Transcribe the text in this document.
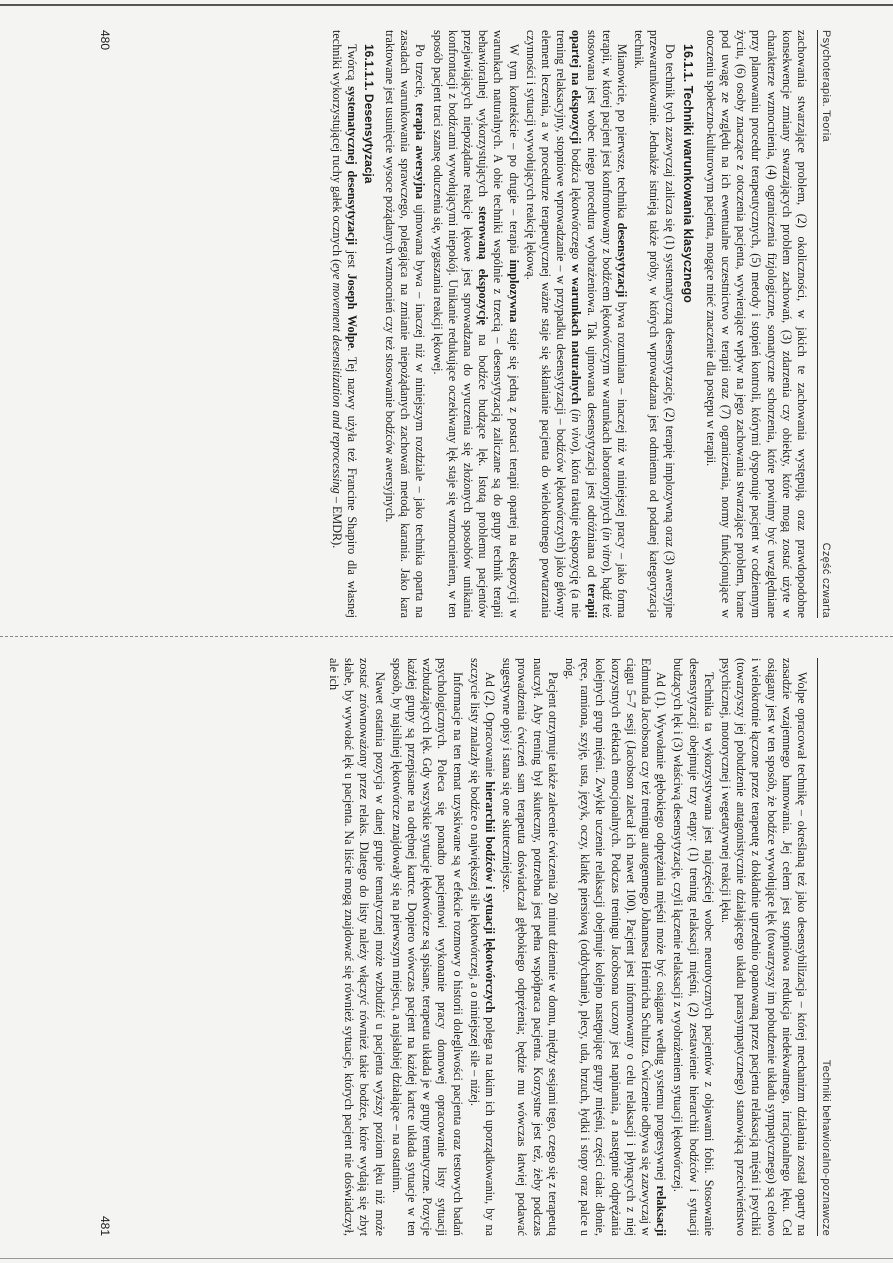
Psychoterapia. Teoria
Część czwarta

zachowania stwarzające problem, (2) okoliczności, w jakich te zachowania występują, oraz prawdopodobne konsekwencje zmiany stwarzających problem zachowań, (3) zdarzenia czy obiekty, które mogą zostać użyte w charakterze wzmocnienia, (4) ograniczenia fizjologiczne, somatyczne schorzenia, które powinny być uwzględniane przy planowaniu procedur terapeutycznych, (5) metody i stopień kontroli, którymi dysponuje pacjent w codziennym życiu, (6) osoby znaczące z otoczenia pacjenta, wywierające wpływ na jego zachowania stwarzające problem, brane pod uwagę ze względu na ich ewentualne uczestnictwo w terapii oraz (7) ograniczenia, normy funkcjonujące w otoczeniu społeczno-kulturowym pacjenta, mogące mieć znaczenie dla postępu w terapii.

16.1.1. Techniki warunkowania klasycznego

Do technik tych zazwyczaj zalicza się (1) systematyczną desensytyzację, (2) terapię implozywną oraz (3) awersyjne przewarunkowanie. Jednakże istnieją także próby, w których wprowadzana jest odmienna od podanej kategoryzacja technik.

Mianowicie, po pierwsze, technika desensytyzacji bywa rozumiana – inaczej niż w niniejszej pracy – jako forma terapii, w której pacjent jest konfrontowany z bodźcem lękotwórczym w warunkach laboratoryjnych (in vitro), bądź też stosowana jest wobec niego procedura wyobrażeniowa. Tak ujmowana desensytyzacja jest odróżniana od terapii opartej na ekspozycji bodźca lękotwórczego w warunkach naturalnych (in vivo), która traktuje ekspozycję (a nie trening relaksacyjny, stopniowe wprowadzanie – w przypadku desensytyzacji – bodźców lękotwórczych) jako główny element leczenia, a w procedurze terapeutycznej ważne staje się skłanianie pacjenta do wielokrotnego powtarzania czynności i sytuacji wywołujących reakcję lękową.

W tym kontekście – po drugie – terapia implozywna staje się jedną z postaci terapii opartej na ekspozycji w warunkach naturalnych. A obie techniki wspólnie z trzecią – desensytyzacją zaliczane są do grupy technik terapii behawioralnej wykorzystujących sterowaną ekspozycję na bodźce budzące lęk. Istotą problemu pacjentów przejawiających niepożądane reakcje lękowe jest sprowadzana do wyuczenia się złożonych sposobów unikania konfrontacji z bodźcami wywołującymi niepokój. Unikanie redukujące oczekiwany lęk staje się wzmocnieniem, w ten sposób pacjent traci szansę oduczenia się, wygaszania reakcji lękowej.

Po trzecie, terapia awersyjna ujmowana bywa – inaczej niż w niniejszym rozdziale – jako technika oparta na zasadach warunkowania sprawczego, polegająca na zmianie niepożądanych zachowań metodą karania. Jako kara traktowane jest usunięcie wysoce pożądanych wzmocnień czy też stosowanie bodźców awersyjnych.

16.1.1.1. Desensytyzacja

Twórcą systematycznej desensytyzacji jest Joseph Wolpe. Tej nazwy użyła też Francine Shapiro dla własnej techniki wykorzystującej ruchy gałek ocznych (eye movement desensitization and reprocessing – EMDR).

480
Techniki behawioralno-poznawcze

Wolpe opracował technikę – określaną też jako desensybilizacja – której mechanizm działania został oparty na zasadzie wzajemnego hamowania. Jej celem jest stopniowa redukcja niedekwatnego, irracjonalnego lęku. Cel osiągany jest w ten sposób, że bodźce wywołujące lęk (towarzyszy im pobudzenie układu sympatycznego) są celowo i wielokrotnie łączone przez terapeutę z dokładnie uprzednio opanowaną przez pacjenta relaksacją mięśni i psychiki (towarzyszy jej pobudzenie antagonistycznie działającego układu parasympatycznego) stanowiącą przeciwieństwo psychicznej, motorycznej i wegetatywnej reakcji lęku.

Technika ta wykorzystywana jest najczęściej wobec neurotycznych pacjentów z objawami fobii. Stosowanie desensytyzacji obejmuje trzy etapy: (1) trening relaksacji mięśni, (2) zestawienie hierarchii bodźców i sytuacji budzących lęk i (3) właściwą desensytyzację, czyli łączenie relaksacji z wyobrażeniem sytuacji lękotwórczej.

Ad (1). Wywołanie głębokiego odprężania mięśni może być osiągane według systemu progresywnej relaksacji Edmunda Jacobsona czy też treningu autogennego Johannesa Heinricha Schultza. Ćwiczenie odbywa się zazwyczaj w ciągu 5–7 sesji (Jacobson zalecał ich nawet 100). Pacjent jest informowany o celu relaksacji i płynących z niej korzystnych efektach emocjonalnych. Podczas treningu Jacobsona uczony jest napinania, a następnie odprężania kolejnych grup mięśni. Zwykle uczenie relaksacji obejmuje kolejno następujące grupy mięśni, części ciała: dłonie, ręce, ramiona, szyję, usta, język, oczy, klatkę piersiową (oddychanie), plecy, uda, brzuch, łydki i stopy oraz palce u nóg.

Pacjent otrzymuje także zalecenie ćwiczenia 20 minut dziennie w domu, między sesjami tego, czego się z terapeutą nauczył. Aby trening był skuteczny, potrzebna jest pełna współpraca pacjenta. Korzystne jest też, żeby podczas prowadzenia ćwiczeń sam terapeuta doświadczał głębokiego odprężenia; będzie mu wówczas łatwiej podawać sugestywne opisy i stana się one skuteczniejsze.

Ad (2). Opracowanie hierarchii bodźców i sytuacji lękotwórczych polega na takim ich uporządkowaniu, by na szczycie listy znalazły się bodźce o największej sile lękotwórczej, a o niniejszej sile – niżej.

Informacje na ten temat uzyskiwane są w efekcie rozmowy o historii dolegliwości pacjenta oraz testowych badań psychologicznych. Poleca się ponadto pacjentowi wykonanie pracy domowej opracowanie listy sytuacji wzbudzających lęk. Gdy wszystkie sytuacje lękotwórcze są spisane, terapeuta układa je w grupy tematyczne. Pozycje każdej grupy są przepisane na odrębnej kartce. Dopiero wówczas pacjent na każdej kartce układa sytuacje w ten sposób, by najsilniej lękotwórcze znajdowały się na pierwszym miejscu, a najsłabiej działające – na ostatnim.

Nawet ostatnia pozycja w danej grupie tematycznej może wzbudzić u pacjenta wyższy poziom lęku niż może zostać zrównoważony przez relaks. Dlatego do listy należy włączyć również takie bodźce, które wydają się zbyt słabe, by wywołać lęk u pacjenta. Na liście mogą znajdować się również sytuacje, których pacjent nie doświadczył, ale ich

481
